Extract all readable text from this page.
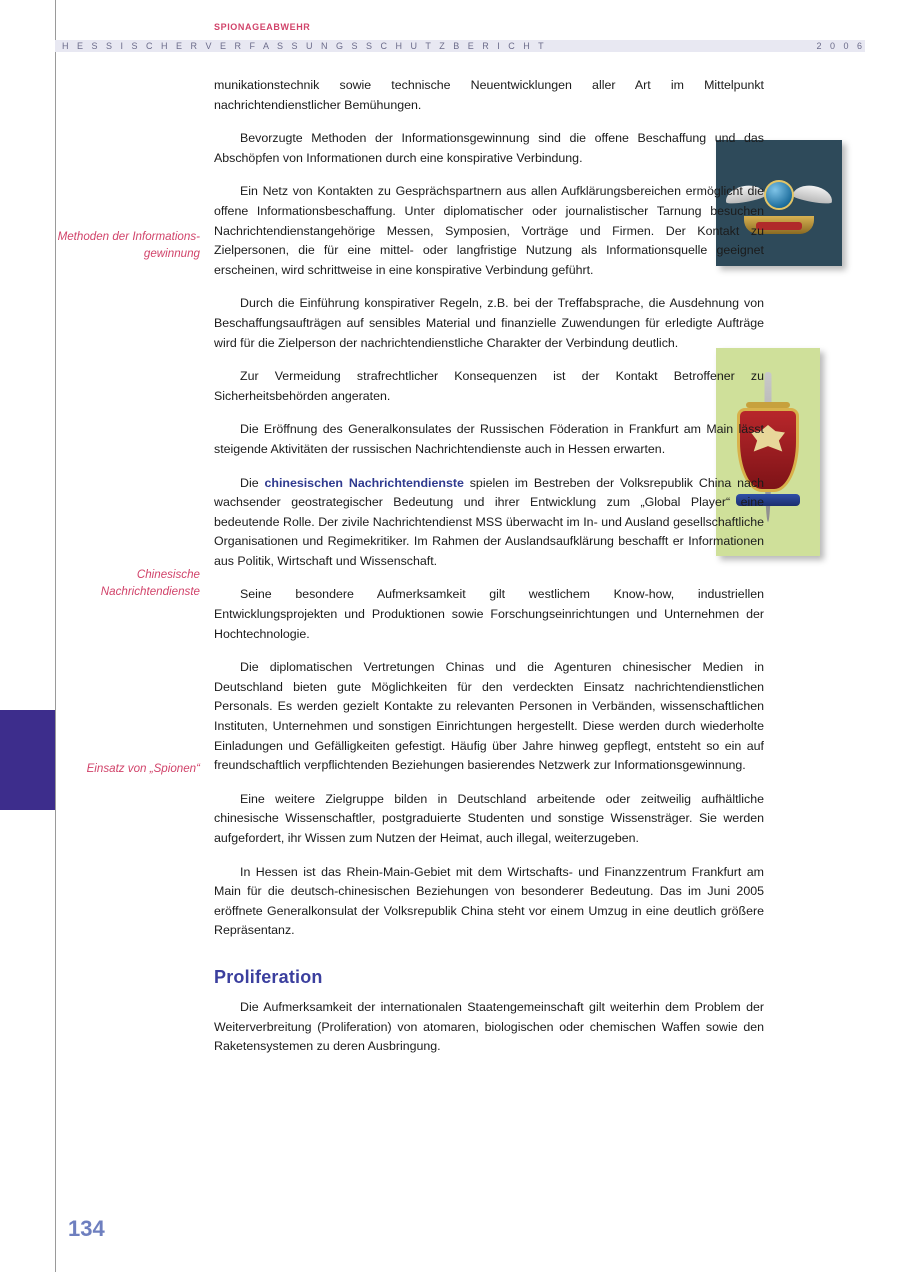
SPIONAGEABWEHR
H E S S I S C H E R V E R F A S S U N G S S C H U T Z B E R I C H T	2 0 0 6
Methoden der Informationsgewinnung
Chinesische Nachrichtendienste
Einsatz von „Spionen“

munikationstechnik sowie technische Neuentwicklungen aller Art im Mittelpunkt nachrichtendienstlicher Bemühungen.

Bevorzugte Methoden der Informationsgewinnung sind die offene Beschaffung und das Abschöpfen von Informationen durch eine konspirative Verbindung.

Ein Netz von Kontakten zu Gesprächspartnern aus allen Aufklärungsbereichen ermöglicht die offene Informationsbeschaffung. Unter diplomatischer oder journalistischer Tarnung besuchen Nachrichtendienstangehörige Messen, Symposien, Vorträge und Firmen. Der Kontakt zu Zielpersonen, die für eine mittel- oder langfristige Nutzung als Informationsquelle geeignet erscheinen, wird schrittweise in eine konspirative Verbindung geführt.

Durch die Einführung konspirativer Regeln, z.B. bei der Treffabsprache, die Ausdehnung von Beschaffungsaufträgen auf sensibles Material und finanzielle Zuwendungen für erledigte Aufträge wird für die Zielperson der nachrichtendienstliche Charakter der Verbindung deutlich.

Zur Vermeidung strafrechtlicher Konsequenzen ist der Kontakt Betroffener zu Sicherheitsbehörden angeraten.

Die Eröffnung des Generalkonsulates der Russischen Föderation in Frankfurt am Main lässt steigende Aktivitäten der russischen Nachrichtendienste auch in Hessen erwarten.

Die chinesischen Nachrichtendienste spielen im Bestreben der Volksrepublik China nach wachsender geostrategischer Bedeutung und ihrer Entwicklung zum „Global Player“ eine bedeutende Rolle. Der zivile Nachrichtendienst MSS überwacht im In- und Ausland gesellschaftliche Organisationen und Regimekritiker. Im Rahmen der Auslandsaufklärung beschafft er Informationen aus Politik, Wirtschaft und Wissenschaft.

Seine besondere Aufmerksamkeit gilt westlichem Know-how, industriellen Entwicklungsprojekten und Produktionen sowie Forschungseinrichtungen und Unternehmen der Hochtechnologie.

Die diplomatischen Vertretungen Chinas und die Agenturen chinesischer Medien in Deutschland bieten gute Möglichkeiten für den verdeckten Einsatz nachrichtendienstlichen Personals. Es werden gezielt Kontakte zu relevanten Personen in Verbänden, wissenschaftlichen Instituten, Unternehmen und sonstigen Einrichtungen hergestellt. Diese werden durch wiederholte Einladungen und Gefälligkeiten gefestigt. Häufig über Jahre hinweg gepflegt, entsteht so ein auf freundschaftlich verpflichtenden Beziehungen basierendes Netzwerk zur Informationsgewinnung.

Eine weitere Zielgruppe bilden in Deutschland arbeitende oder zeitweilig aufhältliche chinesische Wissenschaftler, postgraduierte Studenten und sonstige Wissensträger. Sie werden aufgefordert, ihr Wissen zum Nutzen der Heimat, auch illegal, weiterzugeben.

In Hessen ist das Rhein-Main-Gebiet mit dem Wirtschafts- und Finanzzentrum Frankfurt am Main für die deutsch-chinesischen Beziehungen von besonderer Bedeutung. Das im Juni 2005 eröffnete Generalkonsulat der Volksrepublik China steht vor einem Umzug in eine deutlich größere Repräsentanz.

Proliferation

Die Aufmerksamkeit der internationalen Staatengemeinschaft gilt weiterhin dem Problem der Weiterverbreitung (Proliferation) von atomaren, biologischen oder chemischen Waffen sowie den Raketensystemen zu deren Ausbringung.

134
